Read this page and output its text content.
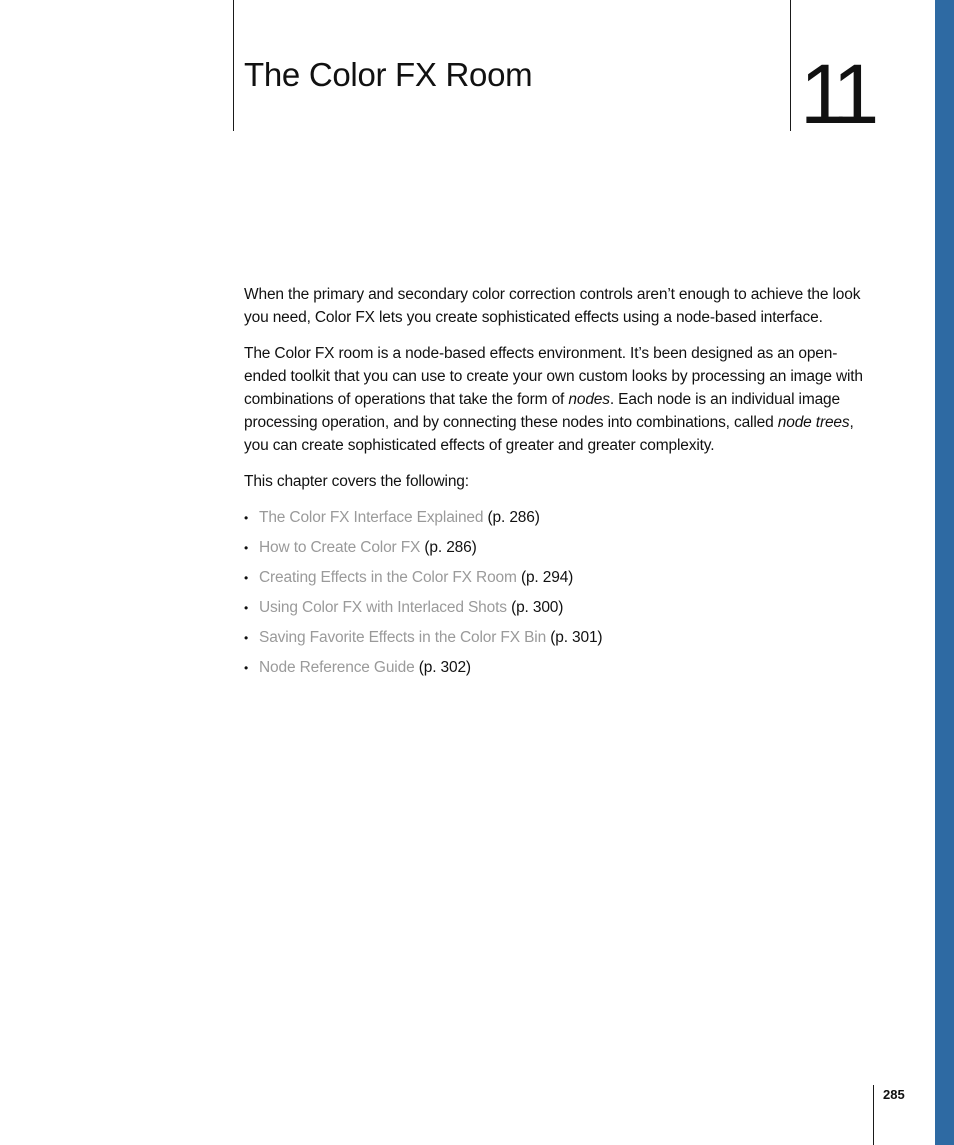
The Color FX Room	11

When the primary and secondary color correction controls aren’t enough to achieve the look you need, Color FX lets you create sophisticated effects using a node-based interface.

The Color FX room is a node-based effects environment. It’s been designed as an open-ended toolkit that you can use to create your own custom looks by processing an image with combinations of operations that take the form of nodes. Each node is an individual image processing operation, and by connecting these nodes into combinations, called node trees, you can create sophisticated effects of greater and greater complexity.

This chapter covers the following:

• The Color FX Interface Explained (p. 286)
• How to Create Color FX (p. 286)
• Creating Effects in the Color FX Room (p. 294)
• Using Color FX with Interlaced Shots (p. 300)
• Saving Favorite Effects in the Color FX Bin (p. 301)
• Node Reference Guide (p. 302)
285
